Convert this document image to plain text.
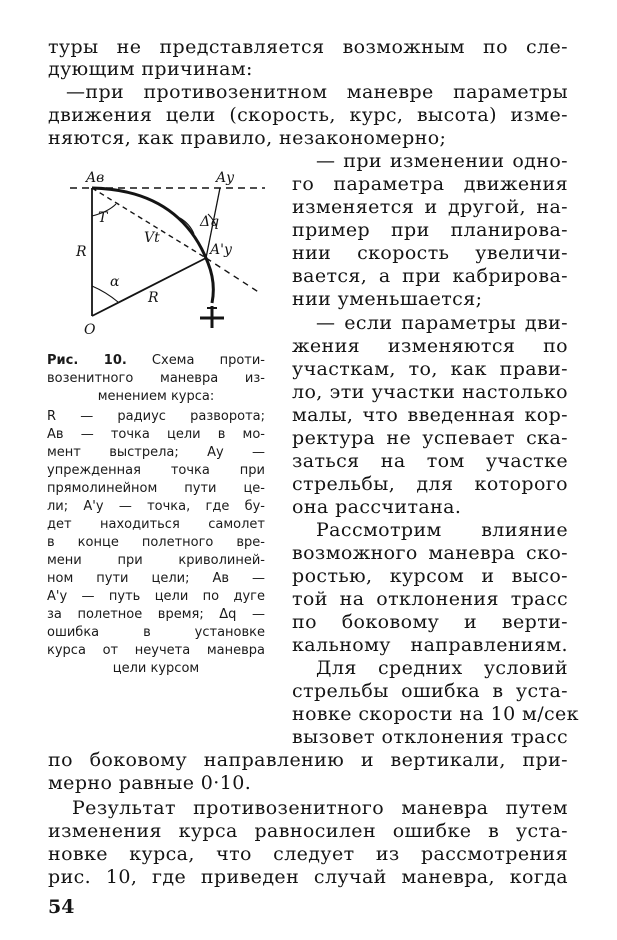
туры не представляется возможным по сле-
дующим причинам:
—при противозенитном маневре параметры
движения цели (скорость, курс, высота) изме-
няются, как правило, незакономерно;
Aв	Aу
A'у
T
Vt
Δq
R
R
α
O
Рис. 10. Схема проти-
возенитного маневра из-
менением курса:
R — радиус разворота;
Aв — точка цели в мо-
мент выстрела; Aу —
упрежденная точка при
прямолинейном пути це-
ли; A'у — точка, где бу-
дет находиться самолет
в конце полетного вре-
мени при криволиней-
ном пути цели; Aв —
A'у — путь цели по дуге
за полетное время; Δq —
ошибка в установке
курса от неучета маневра
цели курсом
— при изменении одно-
го параметра движения
изменяется и другой, на-
пример при планирова-
нии скорость увеличи-
вается, а при кабрирова-
нии уменьшается;
— если параметры дви-
жения изменяются по
участкам, то, как прави-
ло, эти участки настолько
малы, что введенная кор-
ректура не успевает ска-
заться на том участке
стрельбы, для которого
она рассчитана.
Рассмотрим влияние
возможного маневра ско-
ростью, курсом и высо-
той на отклонения трасс
по боковому и верти-
кальному направлениям.
Для средних условий
стрельбы ошибка в уста-
новке скорости на 10 м/сек
вызовет отклонения трасс
по боковому направлению и вертикали, при-
мерно равные 0·10.
Результат противозенитного маневра путем
изменения курса равносилен ошибке в уста-
новке курса, что следует из рассмотрения
рис. 10, где приведен случай маневра, когда
54
